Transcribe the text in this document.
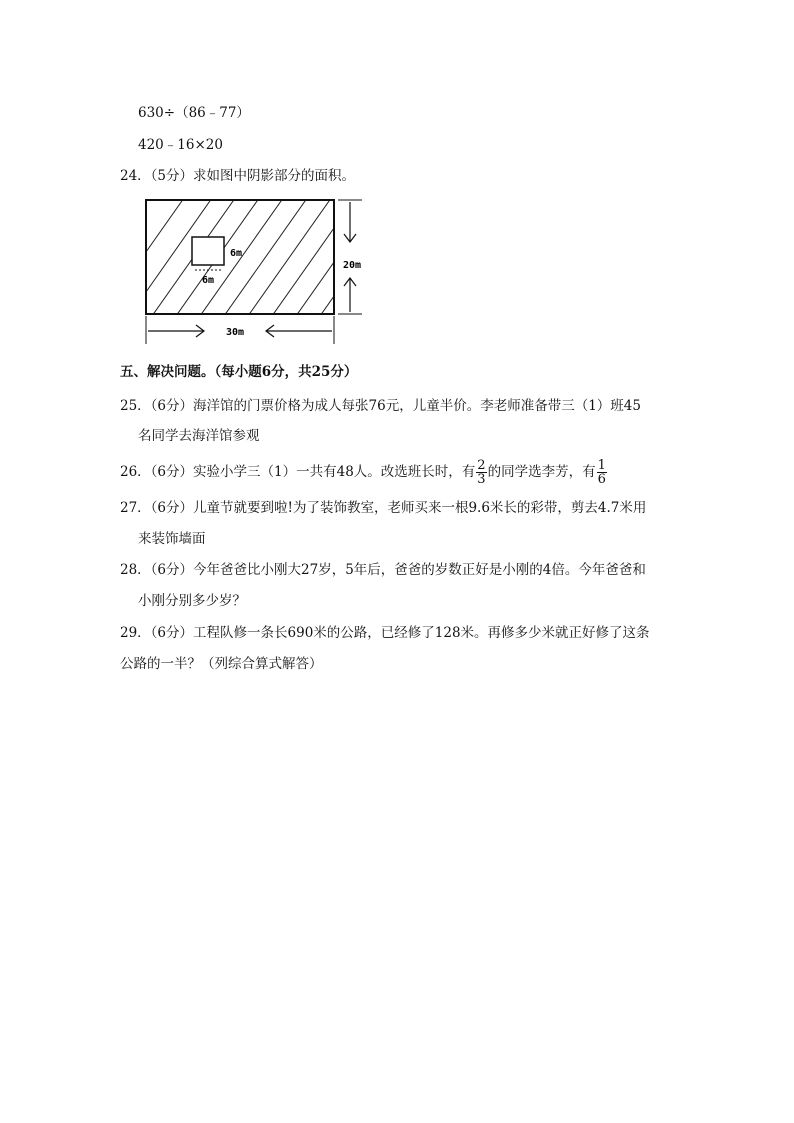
630÷（86﹣77）
420﹣16×20
24．（5分）求如图中阴影部分的面积。
6m
6m
20m
30m
五、解决问题。（每小题6分，共25分）
25．（6分）海洋馆的门票价格为成人每张76元，儿童半价。李老师准备带三（1）班45
名同学去海洋馆参观
26．（6分）实验小学三（1）一共有48人。改选班长时，有 $\frac{2}{3}$ 的同学选李芳，有 $\frac{1}{6}$
27．（6分）儿童节就要到啦!为了装饰教室，老师买来一根9.6米长的彩带，剪去4.7米用
来装饰墙面
28．（6分）今年爸爸比小刚大27岁，5年后，爸爸的岁数正好是小刚的4倍。今年爸爸和
小刚分别多少岁？
29．（6分）工程队修一条长690米的公路，已经修了128米。再修多少米就正好修了这条
公路的一半？（列综合算式解答）
